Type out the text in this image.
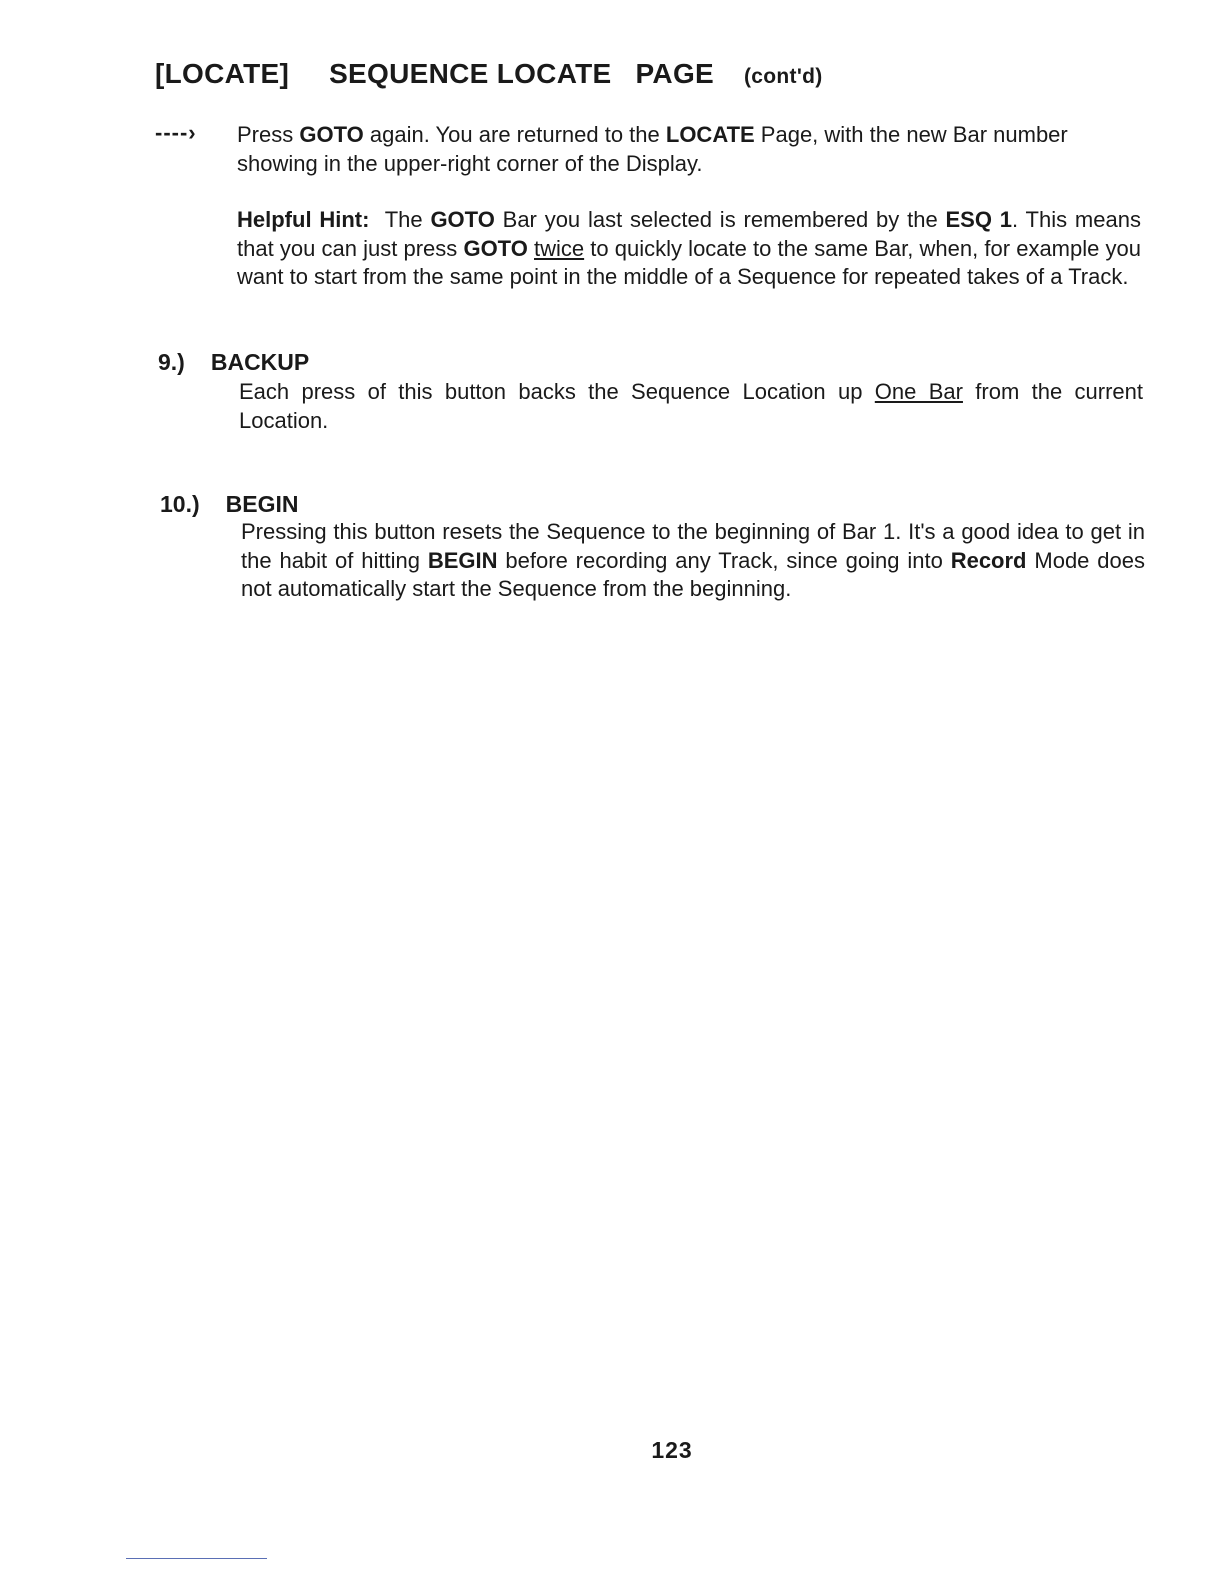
[LOCATE] SEQUENCE LOCATE PAGE (cont'd)
----› Press GOTO again. You are returned to the LOCATE Page, with the new Bar number showing in the upper-right corner of the Display.

Helpful Hint:  The GOTO Bar you last selected is remembered by the ESQ 1. This means that you can just press GOTO twice to quickly locate to the same Bar, when, for example you want to start from the same point in the middle of a Sequence for repeated takes of a Track.

9.) BACKUP

Each press of this button backs the Sequence Location up One Bar from the current Location.

10.) BEGIN

Pressing this button resets the Sequence to the beginning of Bar 1. It's a good idea to get in the habit of hitting BEGIN before recording any Track, since going into Record Mode does not automatically start the Sequence from the beginning.

123
